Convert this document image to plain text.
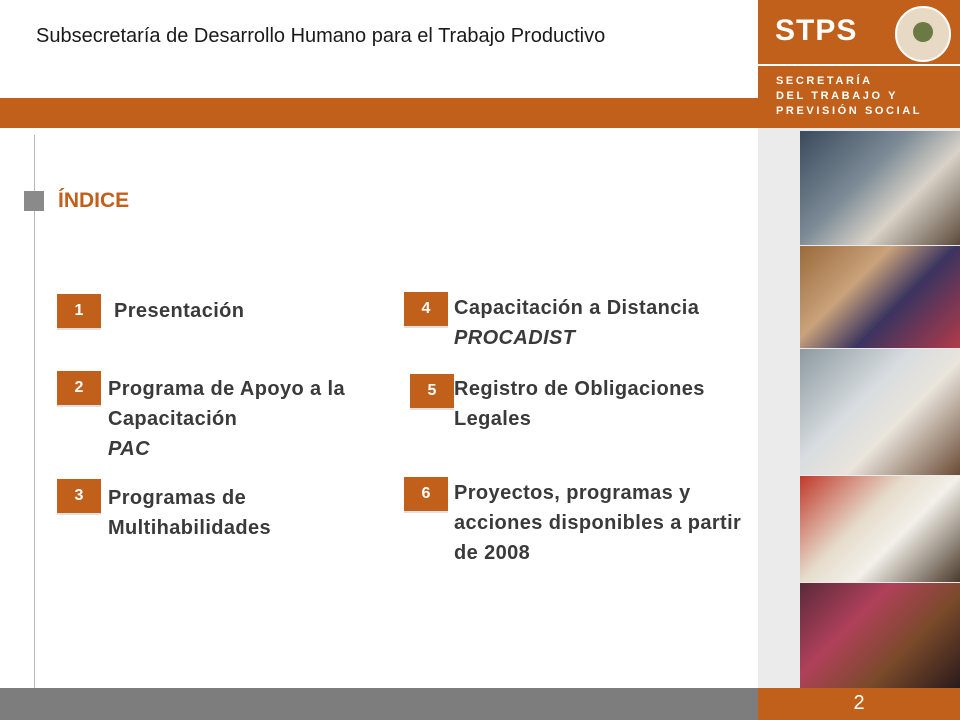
Subsecretaría de Desarrollo Humano para el Trabajo Productivo	STPS
SECRETARÍA
DEL TRABAJO Y
PREVISIÓN SOCIAL
ÍNDICE
1	Presentación
2	Programa de Apoyo a la Capacitación
PAC
3	Programas de Multihabilidades
4	Capacitación a Distancia
PROCADIST
5 Registro de Obligaciones Legales
6	Proyectos, programas y acciones disponibles a partir de 2008
2
